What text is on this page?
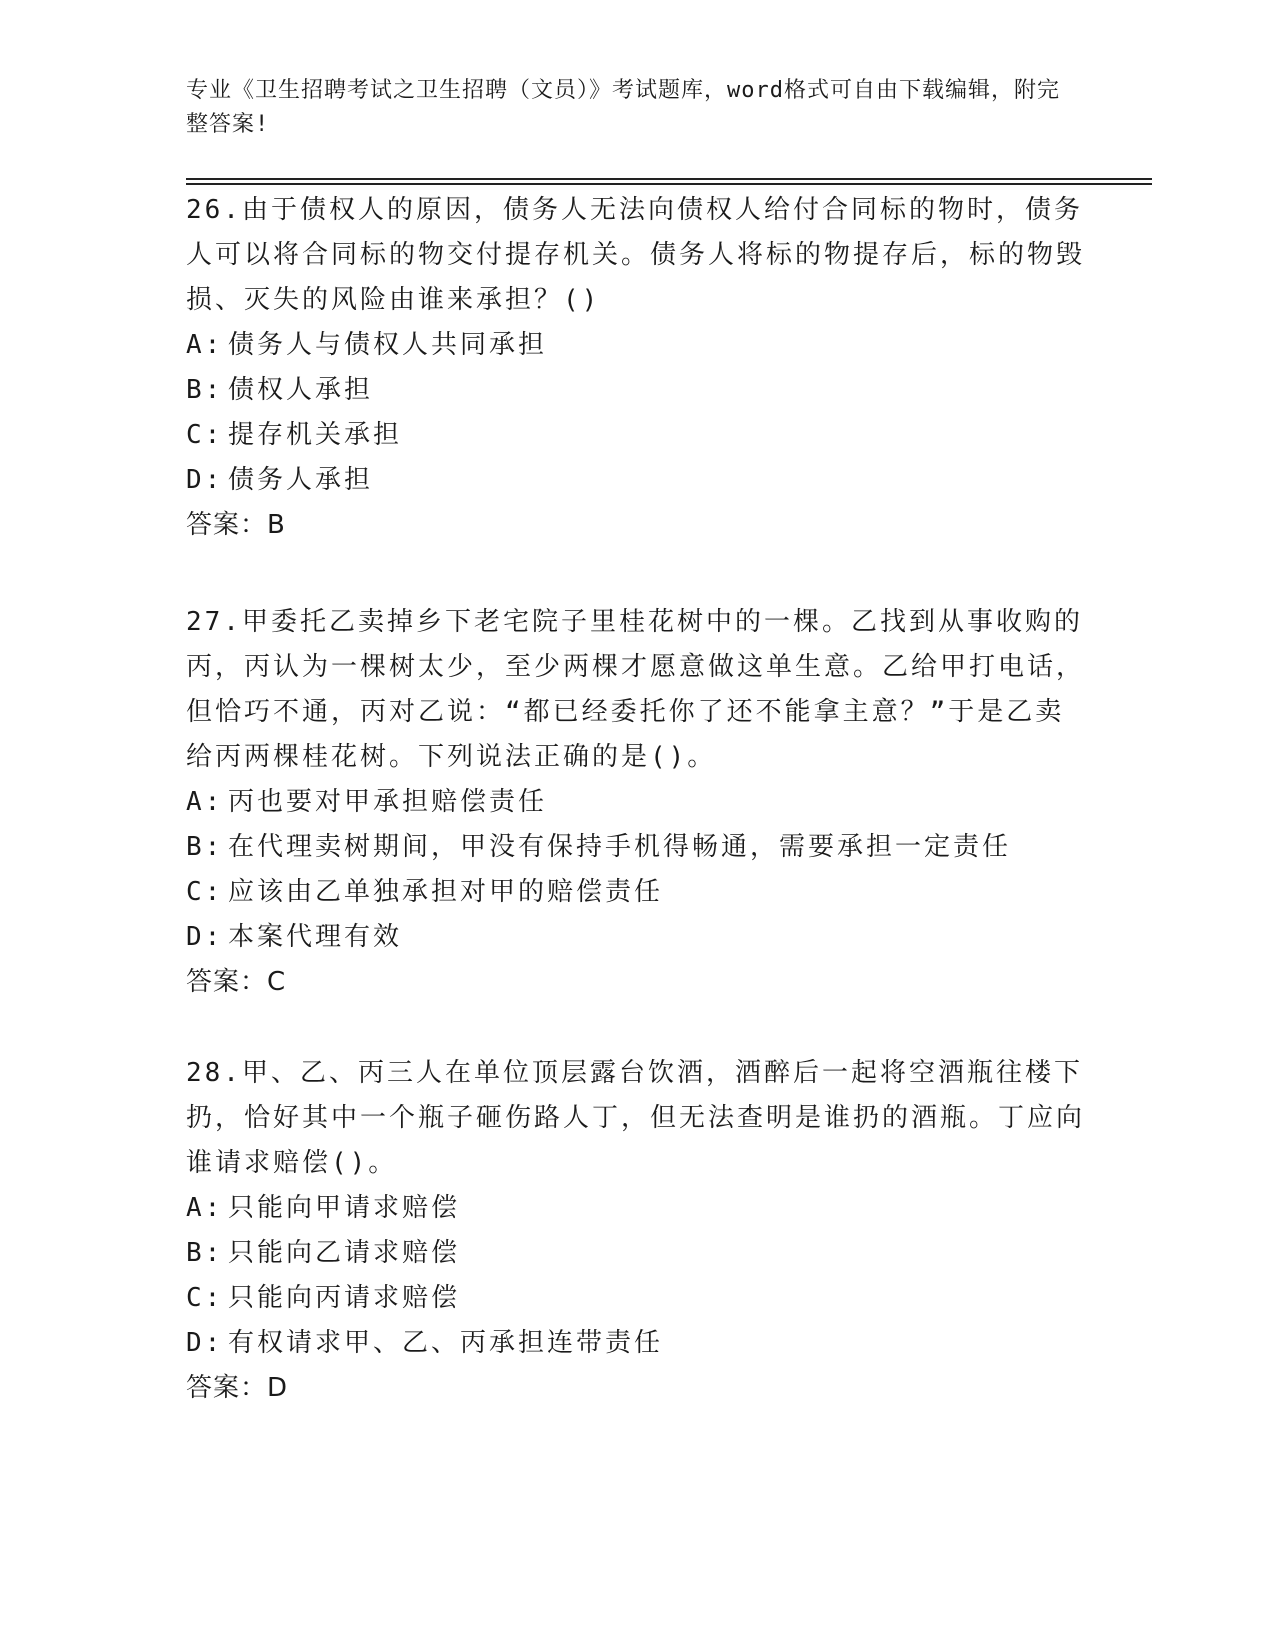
专业《卫生招聘考试之卫生招聘（文员）》考试题库，word格式可自由下载编辑，附完整答案!

26.由于债权人的原因，债务人无法向债权人给付合同标的物时，债务人可以将合同标的物交付提存机关。债务人将标的物提存后，标的物毁损、灭失的风险由谁来承担？()

A: 债务人与债权人共同承担

B: 债权人承担

C: 提存机关承担

D: 债务人承担

答案：B

27.甲委托乙卖掉乡下老宅院子里桂花树中的一棵。乙找到从事收购的丙，丙认为一棵树太少，至少两棵才愿意做这单生意。乙给甲打电话，但恰巧不通，丙对乙说：“都已经委托你了还不能拿主意？”于是乙卖给丙两棵桂花树。下列说法正确的是()。

A: 丙也要对甲承担赔偿责任

B: 在代理卖树期间，甲没有保持手机得畅通，需要承担一定责任

C: 应该由乙单独承担对甲的赔偿责任

D: 本案代理有效

答案：C

28.甲、乙、丙三人在单位顶层露台饮酒，酒醉后一起将空酒瓶往楼下扔，恰好其中一个瓶子砸伤路人丁，但无法查明是谁扔的酒瓶。丁应向谁请求赔偿()。

A: 只能向甲请求赔偿

B: 只能向乙请求赔偿

C: 只能向丙请求赔偿

D: 有权请求甲、乙、丙承担连带责任

答案：D
